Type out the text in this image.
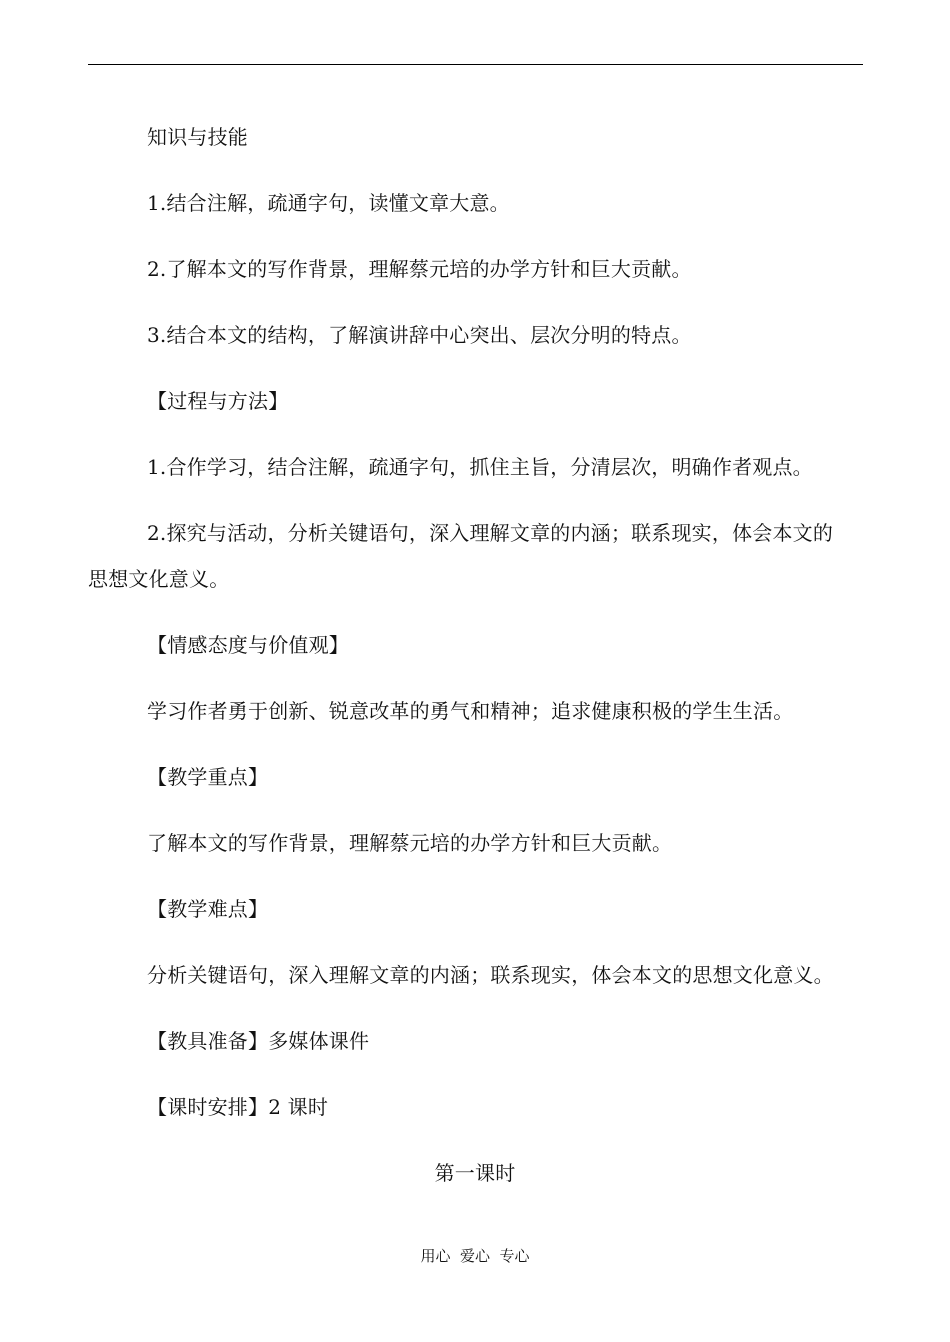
知识与技能
1.结合注解，疏通字句，读懂文章大意。
2.了解本文的写作背景，理解蔡元培的办学方针和巨大贡献。
3.结合本文的结构，了解演讲辞中心突出、层次分明的特点。
【过程与方法】
1.合作学习，结合注解，疏通字句，抓住主旨，分清层次，明确作者观点。
2.探究与活动，分析关键语句，深入理解文章的内涵；联系现实，体会本文的
思想文化意义。
【情感态度与价值观】
学习作者勇于创新、锐意改革的勇气和精神；追求健康积极的学生生活。
【教学重点】
了解本文的写作背景，理解蔡元培的办学方针和巨大贡献。
【教学难点】
分析关键语句，深入理解文章的内涵；联系现实，体会本文的思想文化意义。
【教具准备】多媒体课件
【课时安排】2 课时
第一课时
用心  爱心  专心
